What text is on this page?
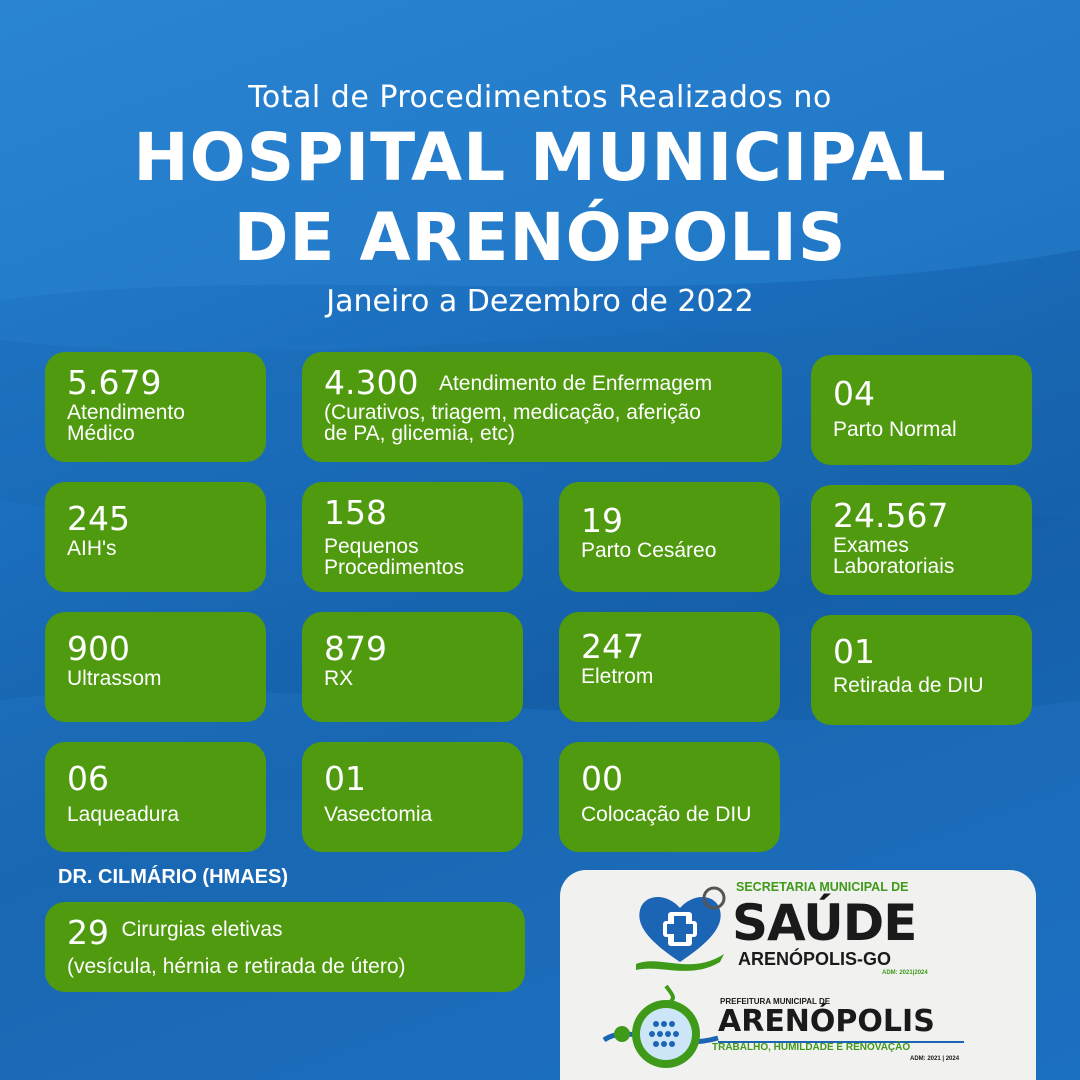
Total de Procedimentos Realizados no
HOSPITAL MUNICIPAL
DE ARENÓPOLIS
Janeiro a Dezembro de 2022
5.679
Atendimento
Médico
4.300 Atendimento de Enfermagem
(Curativos, triagem, medicação, aferição
de PA, glicemia, etc)
04
Parto Normal
245
AIH's
158
Pequenos
Procedimentos
19
Parto Cesáreo
24.567
Exames
Laboratoriais
900
Ultrassom
879
RX
247
Eletrom
01
Retirada de DIU
06
Laqueadura
01
Vasectomia
00
Colocação de DIU
DR. CILMÁRIO (HMAES)
29 Cirurgias eletivas
(vesícula, hérnia e retirada de útero)
SECRETARIA MUNICIPAL DE
SAÚDE
ARENÓPOLIS-GO
ADM: 2021|2024
PREFEITURA MUNICIPAL DE
ARENÓPOLIS
TRABALHO, HUMILDADE E RENOVAÇÃO
ADM: 2021 | 2024
